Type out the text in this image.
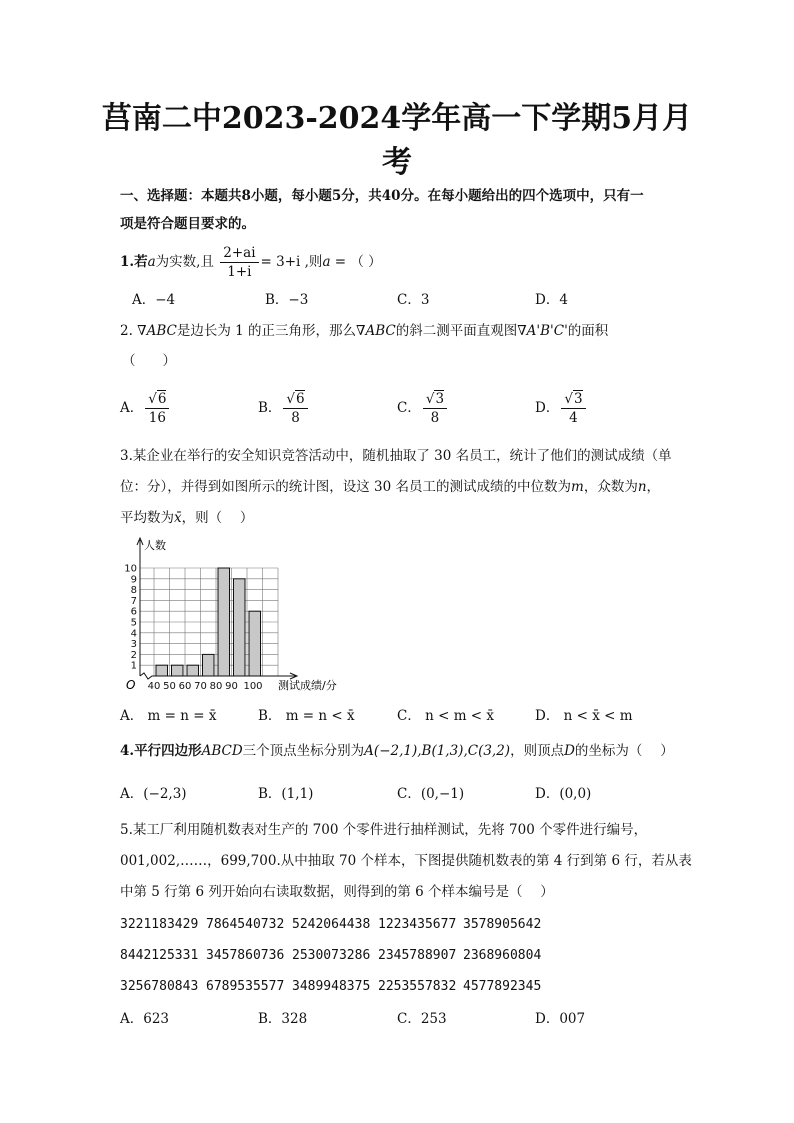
莒南二中2023-2024学年高一下学期5月月
考
一、选择题：本题共8小题，每小题5分，共40分。在每小题给出的四个选项中，只有一
项是符合题目要求的。
1.若a为实数,且 $\frac{2+ai}{1+i} = 3+i$ ,则a = （ ）
A．−4	B．−3	C．3	D．4
2. ∇ABC是边长为 1 的正三角形，那么∇ABC的斜二测平面直观图∇A'B'C'的面积
（　　）
A． $\frac{√6}{16}$	B． $\frac{√6}{8}$	C． $\frac{√3}{8}$	D． $\frac{√3}{4}$
3.某企业在举行的安全知识竞答活动中，随机抽取了 30 名员工，统计了他们的测试成绩（单
位：分），并得到如图所示的统计图，设这 30 名员工的测试成绩的中位数为m，众数为n，
平均数为x̄，则（　 ）
1
2
3
4
5
6
7
8
9
10
40 50 60 70 80 90 100
人数
测试成绩/分
O
A． m = n = x̄	B． m = n < x̄	C． n < m < x̄	D． n < x̄ < m
4.平行四边形ABCD三个顶点坐标分别为A(−2,1),B(1,3),C(3,2)，则顶点D的坐标为（　 ）
A．(−2,3)	B．(1,1)	C．(0,−1)	D．(0,0)
5.某工厂利用随机数表对生产的 700 个零件进行抽样测试，先将 700 个零件进行编号，
001,002,……，699,700.从中抽取 70 个样本，下图提供随机数表的第 4 行到第 6 行，若从表
中第 5 行第 6 列开始向右读取数据，则得到的第 6 个样本编号是（　 ）
3221183429 7864540732 5242064438 1223435677 3578905642
8442125331 3457860736 2530073286 2345788907 2368960804
3256780843 6789535577 3489948375 2253557832 4577892345
A．623	B．328	C．253	D．007
